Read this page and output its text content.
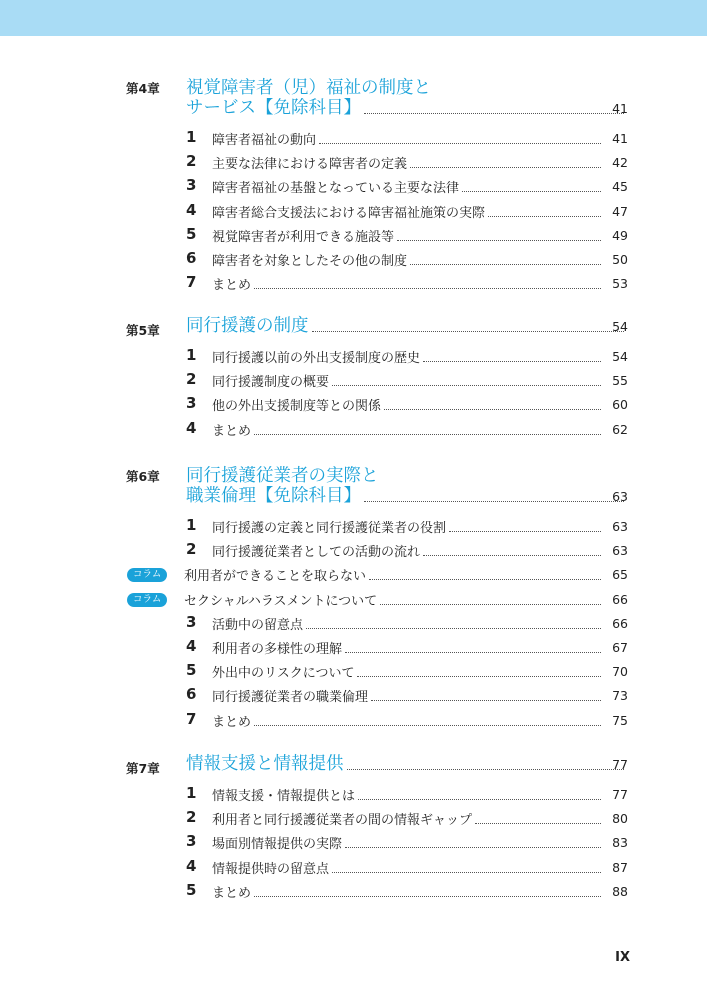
第4章 視覚障害者（児）福祉の制度と
サービス【免除科目】	41
1 障害者福祉の動向	41
2 主要な法律における障害者の定義	42
3 障害者福祉の基盤となっている主要な法律	45
4 障害者総合支援法における障害福祉施策の実際	47
5 視覚障害者が利用できる施設等	49
6 障害者を対象としたその他の制度	50
7 まとめ	53
第5章 同行援護の制度	54
1 同行援護以前の外出支援制度の歴史	54
2 同行援護制度の概要	55
3 他の外出支援制度等との関係	60
4 まとめ	62
第6章 同行援護従業者の実際と
職業倫理【免除科目】	63
1 同行援護の定義と同行援護従業者の役割	63
2 同行援護従業者としての活動の流れ	63
コラム	利用者ができることを取らない	65
コラム	セクシャルハラスメントについて	66
3 活動中の留意点	66
4 利用者の多様性の理解	67
5 外出中のリスクについて	70
6 同行援護従業者の職業倫理	73
7 まとめ	75
第7章 情報支援と情報提供	77
1 情報支援・情報提供とは	77
2 利用者と同行援護従業者の間の情報ギャップ	80
3 場面別情報提供の実際	83
4 情報提供時の留意点	87
5 まとめ	88
IX
